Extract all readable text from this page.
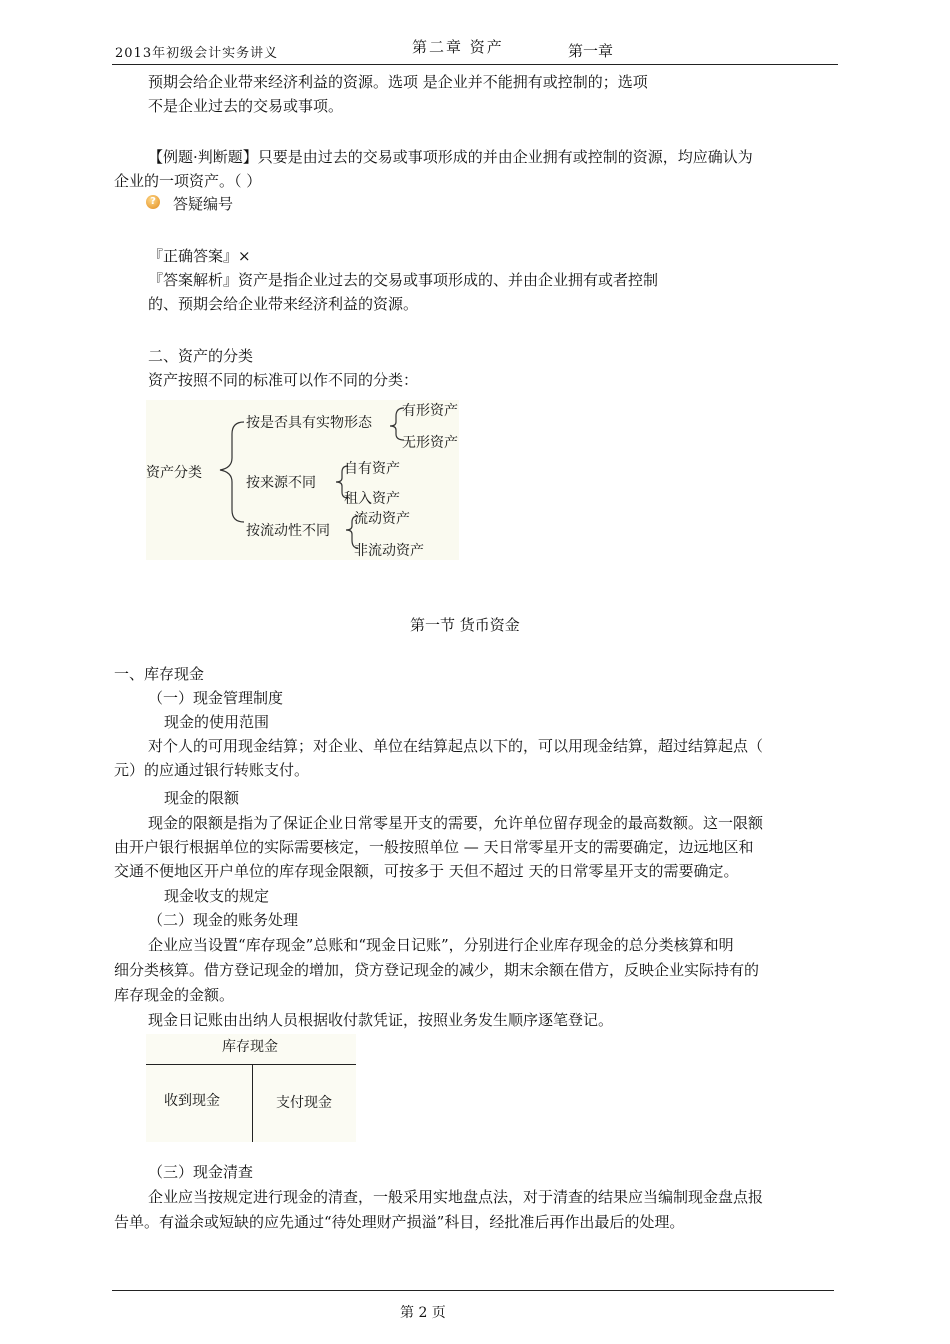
2013年初级会计实务讲义	第二章 资产	第一章
预期会给企业带来经济利益的资源。选项 是企业并不能拥有或控制的；选项
不是企业过去的交易或事项。
【例题·判断题】只要是由过去的交易或事项形成的并由企业拥有或控制的资源，均应确认为
企业的一项资产。（ ）
? 答疑编号
『正确答案』×
『答案解析』资产是指企业过去的交易或事项形成的、并由企业拥有或者控制
的、预期会给企业带来经济利益的资源。
二、资产的分类
资产按照不同的标准可以作不同的分类：
资产分类
按是否具有实物形态
有形资产
无形资产
按来源不同
自有资产
租入资产
按流动性不同
流动资产
非流动资产
第一节 货币资金
一、库存现金
（一）现金管理制度
现金的使用范围
对个人的可用现金结算；对企业、单位在结算起点以下的，可以用现金结算，超过结算起点（
元）的应通过银行转账支付。
现金的限额
现金的限额是指为了保证企业日常零星开支的需要，允许单位留存现金的最高数额。这一限额
由开户银行根据单位的实际需要核定，一般按照单位 — 天日常零星开支的需要确定，边远地区和
交通不便地区开户单位的库存现金限额，可按多于 天但不超过 天的日常零星开支的需要确定。
现金收支的规定
（二）现金的账务处理
企业应当设置“库存现金”总账和“现金日记账”，分别进行企业库存现金的总分类核算和明
细分类核算。借方登记现金的增加，贷方登记现金的减少，期末余额在借方，反映企业实际持有的
库存现金的金额。
现金日记账由出纳人员根据收付款凭证，按照业务发生顺序逐笔登记。
库存现金
收到现金	支付现金
（三）现金清查
企业应当按规定进行现金的清查，一般采用实地盘点法，对于清查的结果应当编制现金盘点报
告单。有溢余或短缺的应先通过“待处理财产损溢”科目，经批准后再作出最后的处理。
第 2 页
